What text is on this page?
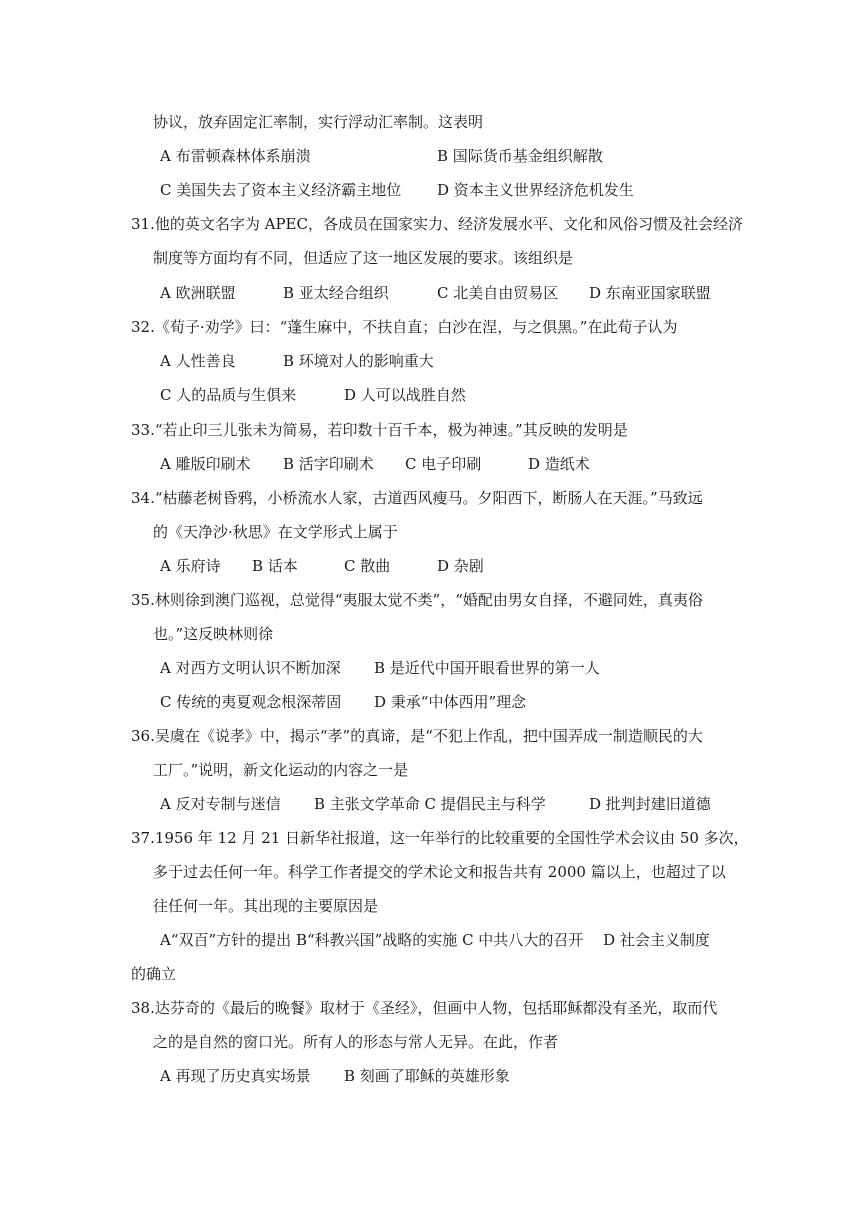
协议，放弃固定汇率制，实行浮动汇率制。这表明
A 布雷顿森林体系崩溃	B 国际货币基金组织解散
C 美国失去了资本主义经济霸主地位 D 资本主义世界经济危机发生
31.他的英文名字为 APEC，各成员在国家实力、经济发展水平、文化和风俗习惯及社会经济
制度等方面均有不同，但适应了这一地区发展的要求。该组织是
A 欧洲联盟	B 亚太经合组织	C 北美自由贸易区 D 东南亚国家联盟
32.《荀子·劝学》曰：“蓬生麻中，不扶自直；白沙在涅，与之俱黑。”在此荀子认为
A 人性善良	B 环境对人的影响重大
C 人的品质与生俱来	D 人可以战胜自然
33.“若止印三儿张未为简易，若印数十百千本，极为神速。”其反映的发明是
A 雕版印刷术 B 活字印刷术 C 电子印刷	D 造纸术
34.“枯藤老树昏鸦，小桥流水人家，古道西风瘦马。夕阳西下，断肠人在天涯。”马致远
的《天净沙·秋思》在文学形式上属于
A 乐府诗 B 话本	C 散曲	D 杂剧
35.林则徐到澳门巡视，总觉得“夷服太觉不类”，“婚配由男女自择，不避同姓，真夷俗
也。”这反映林则徐
A 对西方文明认识不断加深 B 是近代中国开眼看世界的第一人
C 传统的夷夏观念根深蒂固 D 秉承“中体西用”理念
36.吴虞在《说孝》中，揭示“孝”的真谛，是“不犯上作乱，把中国弄成一制造顺民的大
工厂。”说明，新文化运动的内容之一是
A 反对专制与迷信 B 主张文学革命 C 提倡民主与科学	D 批判封建旧道德
37.1956 年 12 月 21 日新华社报道，这一年举行的比较重要的全国性学术会议由 50 多次，
多于过去任何一年。科学工作者提交的学术论文和报告共有 2000 篇以上，也超过了以
往任何一年。其出现的主要原因是
A“双百”方针的提出 B“科教兴国”战略的实施 C 中共八大的召开　 D 社会主义制度
的确立
38.达芬奇的《最后的晚餐》取材于《圣经》，但画中人物，包括耶稣都没有圣光，取而代
之的是自然的窗口光。所有人的形态与常人无异。在此，作者
A 再现了历史真实场景 B 刻画了耶稣的英雄形象
